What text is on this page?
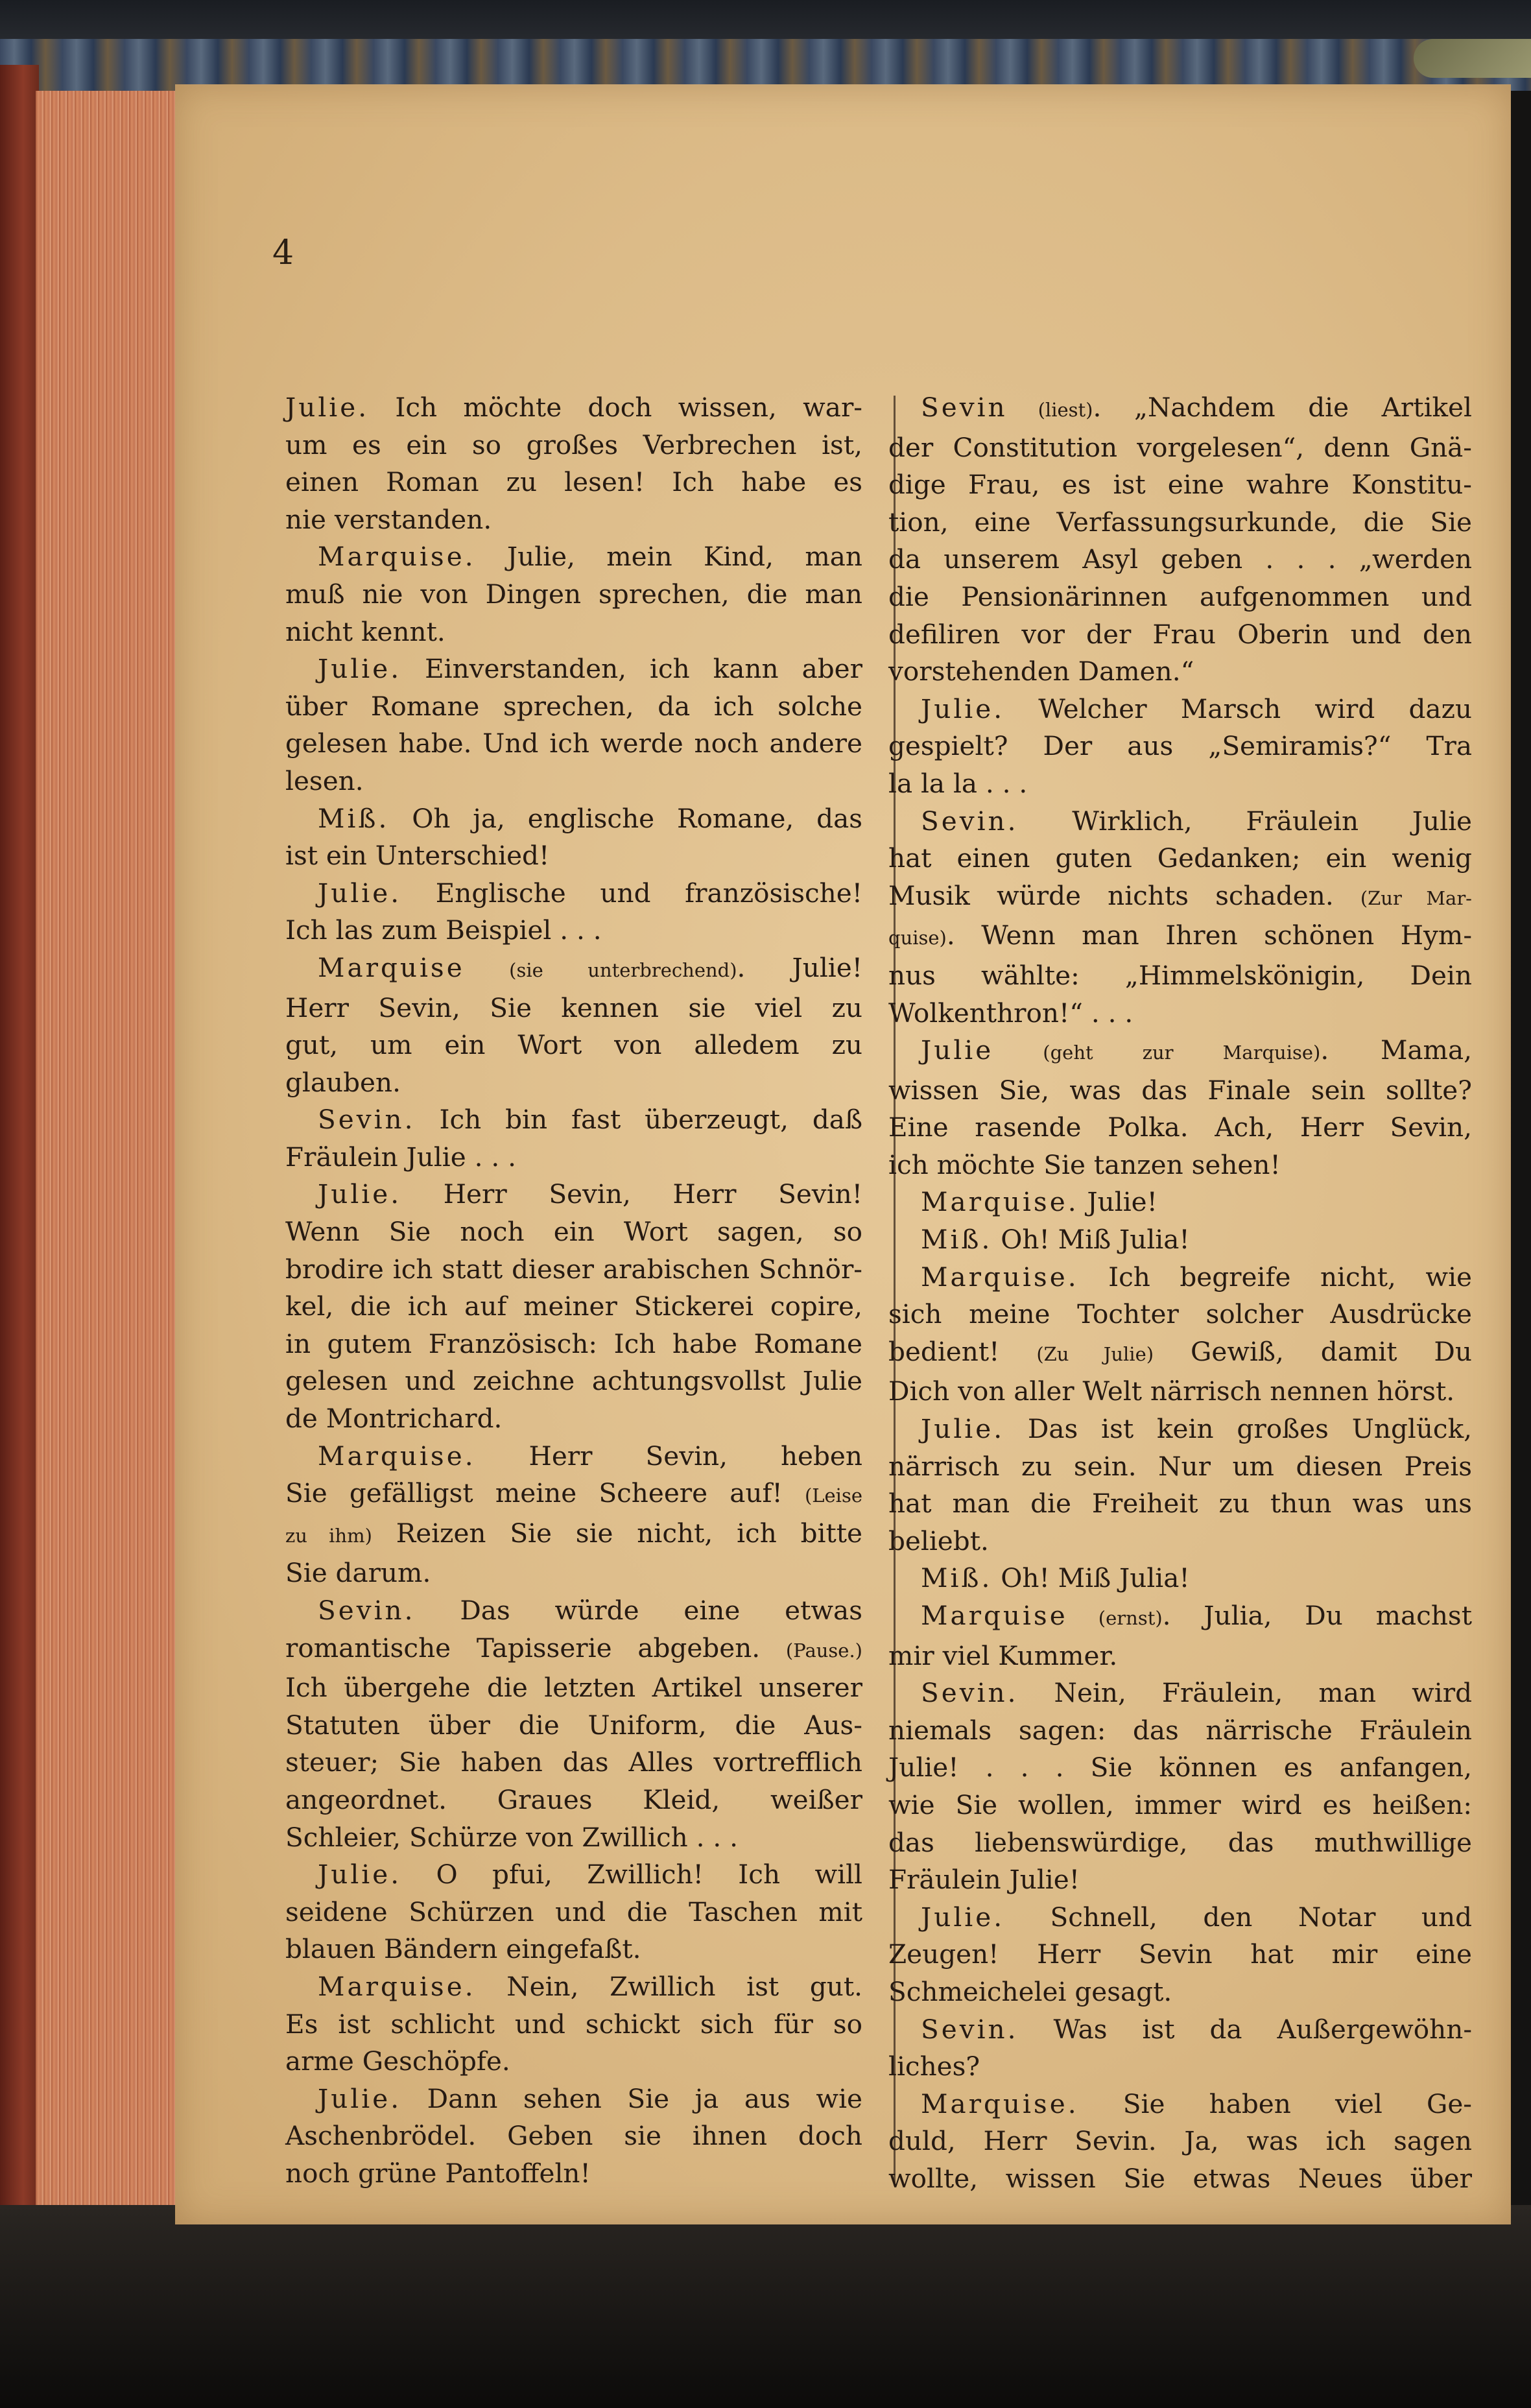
4
Julie. Ich möchte doch wissen, war-
um es ein so großes Verbrechen ist,
einen Roman zu lesen! Ich habe es
nie verstanden.
Marquise. Julie, mein Kind, man
muß nie von Dingen sprechen, die man
nicht kennt.
Julie. Einverstanden, ich kann aber
über Romane sprechen, da ich solche
gelesen habe. Und ich werde noch andere
lesen.
Miß. Oh ja, englische Romane, das
ist ein Unterschied!
Julie. Englische und französische!
Ich las zum Beispiel . . .
Marquise (sie unterbrechend). Julie!
Herr Sevin, Sie kennen sie viel zu
gut, um ein Wort von alledem zu
glauben.
Sevin. Ich bin fast überzeugt, daß
Fräulein Julie . . .
Julie. Herr Sevin, Herr Sevin!
Wenn Sie noch ein Wort sagen, so
brodire ich statt dieser arabischen Schnör-
kel, die ich auf meiner Stickerei copire,
in gutem Französisch: Ich habe Romane
gelesen und zeichne achtungsvollst Julie
de Montrichard.
Marquise. Herr Sevin, heben
Sie gefälligst meine Scheere auf! (Leise
zu ihm) Reizen Sie sie nicht, ich bitte
Sie darum.
Sevin. Das würde eine etwas
romantische Tapisserie abgeben. (Pause.)
Ich übergehe die letzten Artikel unserer
Statuten über die Uniform, die Aus-
steuer; Sie haben das Alles vortrefflich
angeordnet. Graues Kleid, weißer
Schleier, Schürze von Zwillich . . .
Julie. O pfui, Zwillich! Ich will
seidene Schürzen und die Taschen mit
blauen Bändern eingefaßt.
Marquise. Nein, Zwillich ist gut.
Es ist schlicht und schickt sich für so
arme Geschöpfe.
Julie. Dann sehen Sie ja aus wie
Aschenbrödel. Geben sie ihnen doch
noch grüne Pantoffeln!
Sevin (liest). „Nachdem die Artikel
der Constitution vorgelesen“, denn Gnä-
dige Frau, es ist eine wahre Konstitu-
tion, eine Verfassungsurkunde, die Sie
da unserem Asyl geben . . . „werden
die Pensionärinnen aufgenommen und
defiliren vor der Frau Oberin und den
vorstehenden Damen.“
Julie. Welcher Marsch wird dazu
gespielt? Der aus „Semiramis?“ Tra
la la la . . .
Sevin. Wirklich, Fräulein Julie
hat einen guten Gedanken; ein wenig
Musik würde nichts schaden. (Zur Mar-
quise). Wenn man Ihren schönen Hym-
nus wählte: „Himmelskönigin, Dein
Wolkenthron!“ . . .
Julie (geht zur Marquise). Mama,
wissen Sie, was das Finale sein sollte?
Eine rasende Polka. Ach, Herr Sevin,
ich möchte Sie tanzen sehen!
Marquise. Julie!
Miß. Oh! Miß Julia!
Marquise. Ich begreife nicht, wie
sich meine Tochter solcher Ausdrücke
bedient! (Zu Julie) Gewiß, damit Du
Dich von aller Welt närrisch nennen hörst.
Julie. Das ist kein großes Unglück,
närrisch zu sein. Nur um diesen Preis
hat man die Freiheit zu thun was uns
beliebt.
Miß. Oh! Miß Julia!
Marquise (ernst). Julia, Du machst
mir viel Kummer.
Sevin. Nein, Fräulein, man wird
niemals sagen: das närrische Fräulein
Julie! . . . Sie können es anfangen,
wie Sie wollen, immer wird es heißen:
das liebenswürdige, das muthwillige
Fräulein Julie!
Julie. Schnell, den Notar und
Zeugen! Herr Sevin hat mir eine
Schmeichelei gesagt.
Sevin. Was ist da Außergewöhn-
liches?
Marquise. Sie haben viel Ge-
duld, Herr Sevin. Ja, was ich sagen
wollte, wissen Sie etwas Neues über
